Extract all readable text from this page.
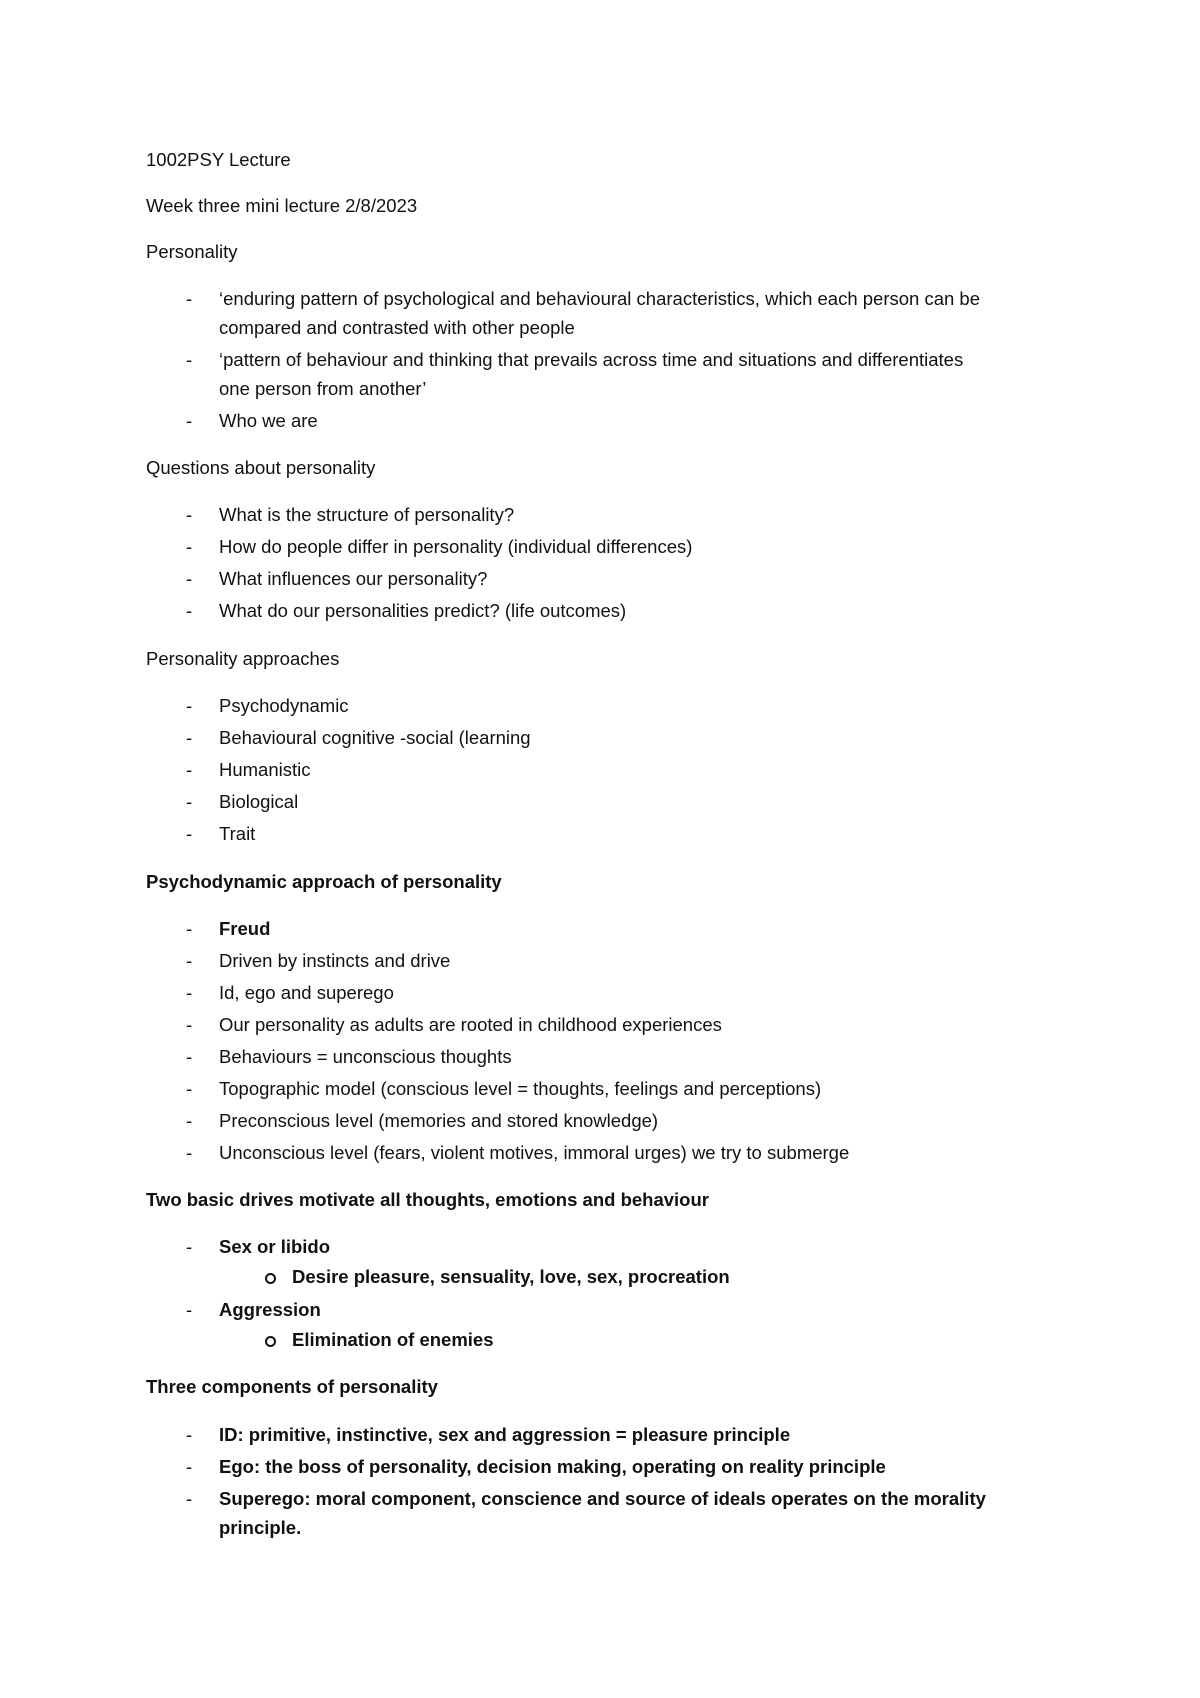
1002PSY Lecture
Week three mini lecture 2/8/2023
Personality
- ‘enduring pattern of psychological and behavioural characteristics, which each person can be
compared and contrasted with other people
- ‘pattern of behaviour and thinking that prevails across time and situations and differentiates
one person from another’
- Who we are
Questions about personality
- What is the structure of personality?
- How do people differ in personality (individual differences)
- What influences our personality?
- What do our personalities predict? (life outcomes)
Personality approaches
- Psychodynamic
- Behavioural cognitive -social (learning
- Humanistic
- Biological
- Trait
Psychodynamic approach of personality
- Freud
- Driven by instincts and drive
- Id, ego and superego
- Our personality as adults are rooted in childhood experiences
- Behaviours = unconscious thoughts
- Topographic model (conscious level = thoughts, feelings and perceptions)
- Preconscious level (memories and stored knowledge)
- Unconscious level (fears, violent motives, immoral urges) we try to submerge
Two basic drives motivate all thoughts, emotions and behaviour
- Sex or libido
Desire pleasure, sensuality, love, sex, procreation
- Aggression
Elimination of enemies
Three components of personality
- ID: primitive, instinctive, sex and aggression = pleasure principle
- Ego: the boss of personality, decision making, operating on reality principle
- Superego: moral component, conscience and source of ideals operates on the morality
principle.
